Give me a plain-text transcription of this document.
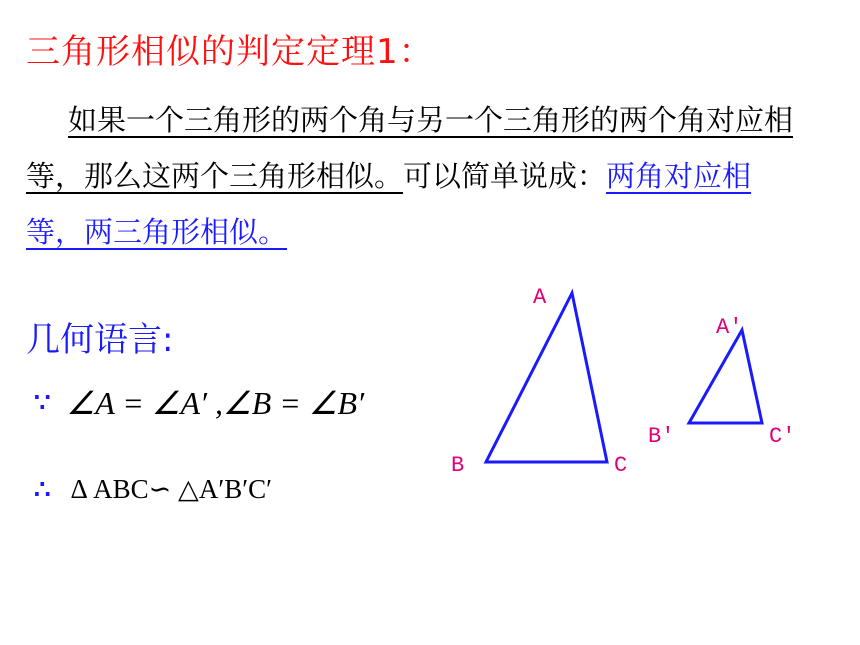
三角形相似的判定定理1：
如果一个三角形的两个角与另一个三角形的两个角对应相等，那么这两个三角形相似。可以简单说成：两角对应相等，两三角形相似。
几何语言:
∵ ∠A = ∠A′ ,∠B = ∠B′
∴ Δ ABC∽ △A′B′C′
A
B	C
A′
B′	C′
